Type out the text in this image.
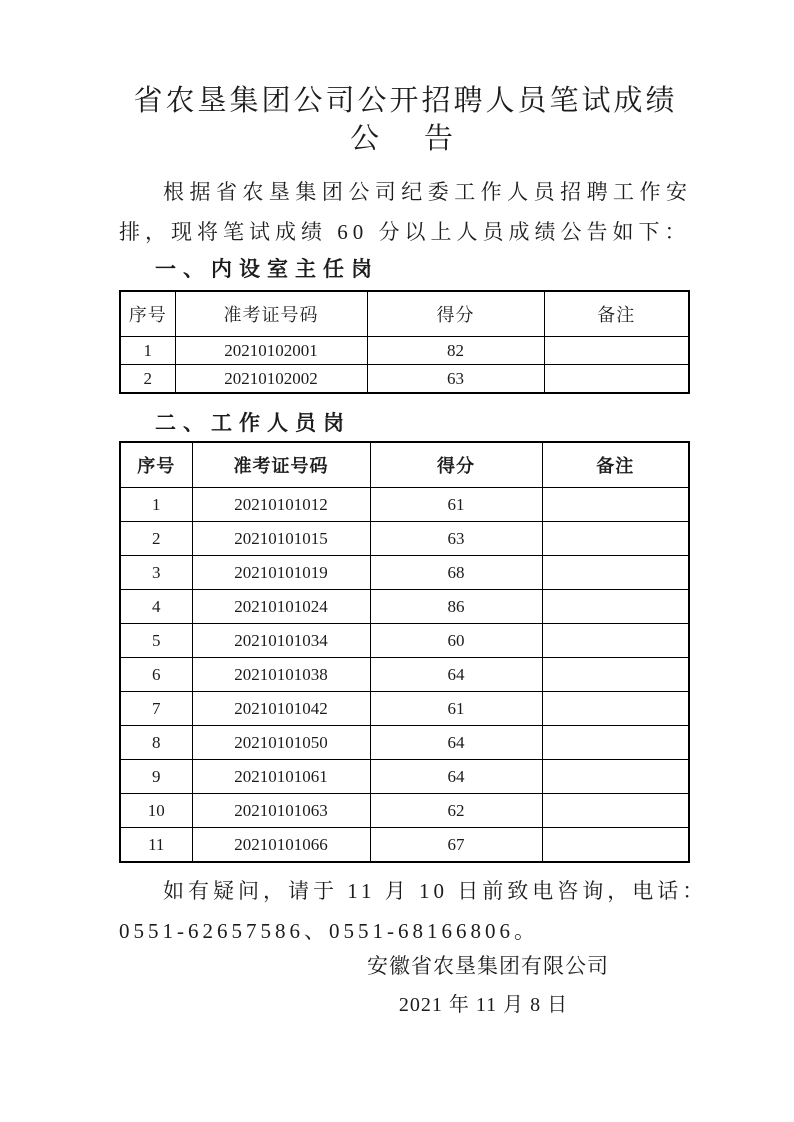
省农垦集团公司公开招聘人员笔试成绩
公　告
根据省农垦集团公司纪委工作人员招聘工作安排，现将笔试成绩 60 分以上人员成绩公告如下：
一、内设室主任岗
序号	准考证号码	得分	备注
1	20210102001	82	
2	20210102002	63	
二、工作人员岗
序号	准考证号码	得分	备注
1	20210101012	61	
2	20210101015	63	
3	20210101019	68	
4	20210101024	86	
5	20210101034	60	
6	20210101038	64	
7	20210101042	61	
8	20210101050	64	
9	20210101061	64	
10	20210101063	62	
11	20210101066	67	
如有疑问，请于 11 月 10 日前致电咨询，电话：
0551-62657586、0551-68166806。
安徽省农垦集团有限公司
2021 年 11 月 8 日
